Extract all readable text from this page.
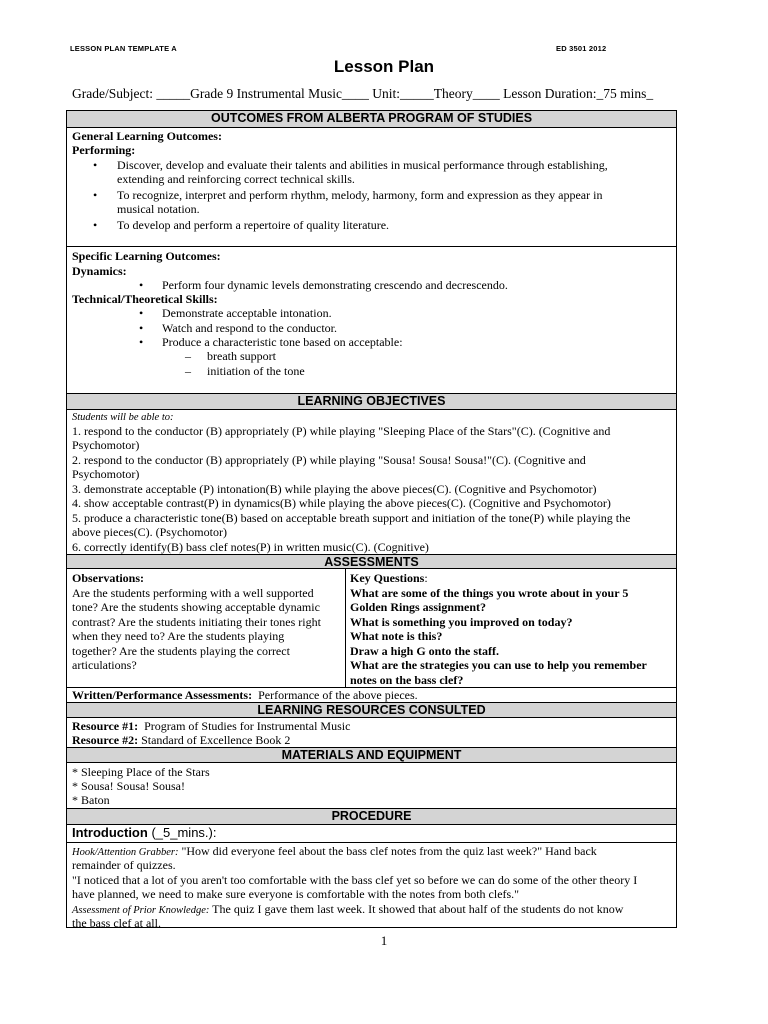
LESSON PLAN TEMPLATE A	ED 3501 2012
Lesson Plan
Grade/Subject: _____Grade 9 Instrumental Music____ Unit:_____Theory____ Lesson Duration:_75 mins_
OUTCOMES FROM ALBERTA PROGRAM OF STUDIES
General Learning Outcomes:
Performing:
• Discover, develop and evaluate their talents and abilities in musical performance through establishing,
extending and reinforcing correct technical skills.
• To recognize, interpret and perform rhythm, melody, harmony, form and expression as they appear in
musical notation.
• To develop and perform a repertoire of quality literature.
Specific Learning Outcomes:
Dynamics:
• Perform four dynamic levels demonstrating crescendo and decrescendo.
Technical/Theoretical Skills:
• Demonstrate acceptable intonation.
• Watch and respond to the conductor.
• Produce a characteristic tone based on acceptable:
– breath support
– initiation of the tone
LEARNING OBJECTIVES
Students will be able to:
1. respond to the conductor (B) appropriately (P) while playing "Sleeping Place of the Stars"(C). (Cognitive and
Psychomotor)
2. respond to the conductor (B) appropriately (P) while playing "Sousa! Sousa! Sousa!"(C). (Cognitive and
Psychomotor)
3. demonstrate acceptable (P) intonation(B) while playing the above pieces(C). (Cognitive and Psychomotor)
4. show acceptable contrast(P) in dynamics(B) while playing the above pieces(C). (Cognitive and Psychomotor)
5. produce a characteristic tone(B) based on acceptable breath support and initiation of the tone(P) while playing the
above pieces(C). (Psychomotor)
6. correctly identify(B) bass clef notes(P) in written music(C). (Cognitive)
ASSESSMENTS
Observations:
Are the students performing with a well supported
tone? Are the students showing acceptable dynamic
contrast? Are the students initiating their tones right
when they need to? Are the students playing
together? Are the students playing the correct
articulations?
Key Questions:
What are some of the things you wrote about in your 5
Golden Rings assignment?
What is something you improved on today?
What note is this?
Draw a high G onto the staff.
What are the strategies you can use to help you remember
notes on the bass clef?
Written/Performance Assessments: Performance of the above pieces.
LEARNING RESOURCES CONSULTED
Resource #1: Program of Studies for Instrumental Music
Resource #2: Standard of Excellence Book 2
MATERIALS AND EQUIPMENT
* Sleeping Place of the Stars
* Sousa! Sousa! Sousa!
* Baton
PROCEDURE
Introduction (_5_mins.):
Hook/Attention Grabber: "How did everyone feel about the bass clef notes from the quiz last week?" Hand back
remainder of quizzes.
"I noticed that a lot of you aren't too comfortable with the bass clef yet so before we can do some of the other theory I
have planned, we need to make sure everyone is comfortable with the notes from both clefs."
Assessment of Prior Knowledge: The quiz I gave them last week. It showed that about half of the students do not know
the bass clef at all.
1
